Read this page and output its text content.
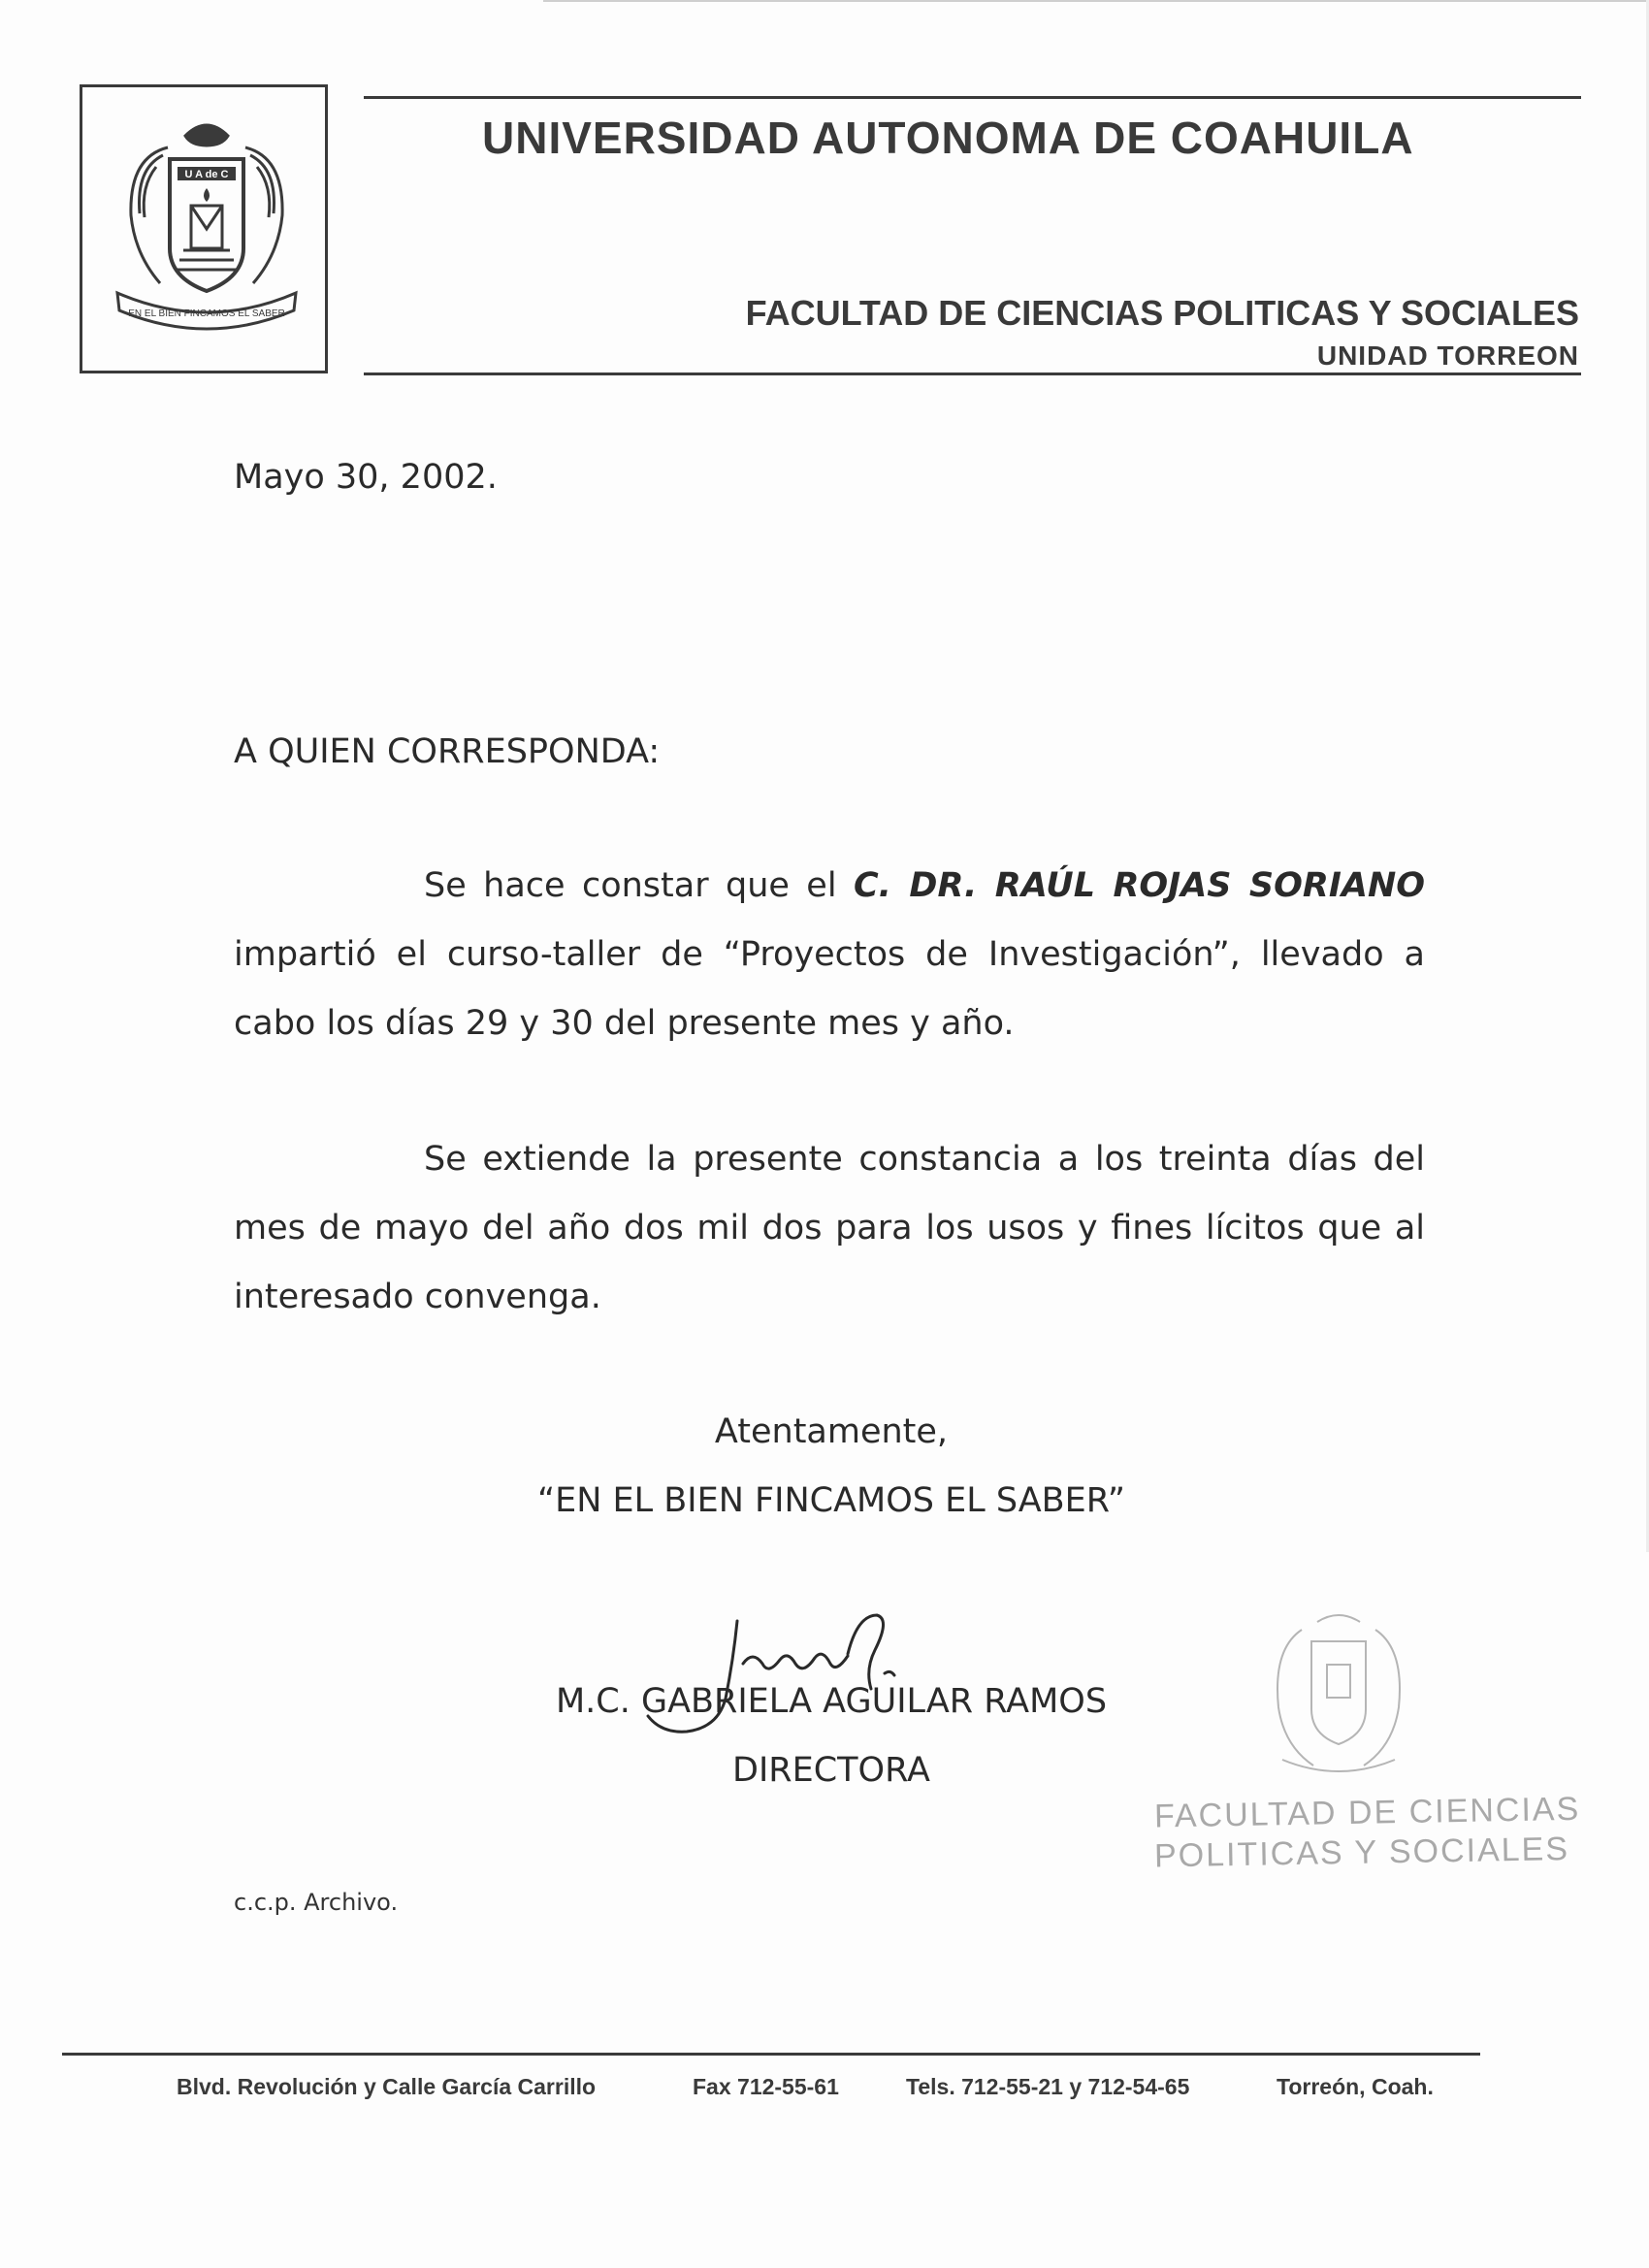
U A de C
EN EL BIEN FINCAMOS EL SABER
UNIVERSIDAD AUTONOMA DE COAHUILA
FACULTAD DE CIENCIAS POLITICAS Y SOCIALES
UNIDAD TORREON
Mayo 30, 2002.
A QUIEN CORRESPONDA:
Se hace constar que el C. DR. RAÚL ROJAS SORIANO impartió el curso-taller de “Proyectos de Investigación”, llevado a cabo los días 29 y 30 del presente mes y año.
Se extiende la presente constancia a los treinta días del mes de mayo del año dos mil dos para los usos y fines lícitos que al interesado convenga.
Atentamente,
“EN EL BIEN FINCAMOS EL SABER”
M.C. GABRIELA AGUILAR RAMOS
DIRECTORA
FACULTAD DE CIENCIAS
POLITICAS Y SOCIALES
c.c.p. Archivo.
Blvd. Revolución y Calle García Carrillo	Fax 712-55-61	Tels. 712-55-21 y 712-54-65	Torreón, Coah.
